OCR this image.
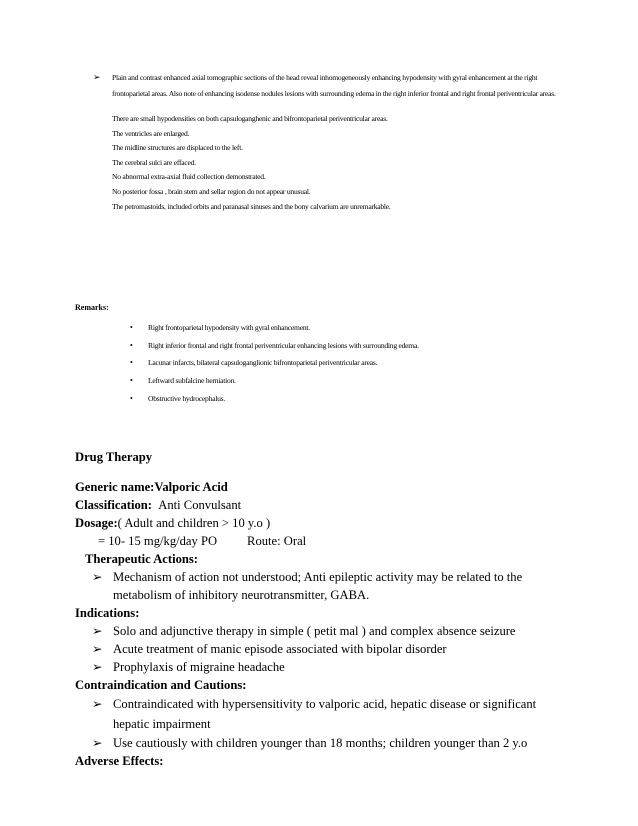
➢ Plain and contrast enhanced axial tomographic sections of the head reveal inhomogeneously enhancing hypodensity with gyral enhancement at the right frontoparietal areas. Also note of enhancing isodense nodules lesions with surrounding edema in the right inferior frontal and right frontal periventricular areas.
There are small hypodensities on both capsuloganghenic and bifrontoparietal periventricular areas.
The ventricles are enlarged.
The midline structures are displaced to the left.
The cerebral sulci are effaced.
No abnormal extra-axial fluid collection demonstrated.
No posterior fossa , brain stem and sellar region do not appear unusual.
The petromastoids, included orbits and paranasal sinuses and the bony calvarium are unremarkable.
Remarks:
• Right frontoparietal hypodensity with gyral enhancement.
• Right inferior frontal and right frontal periventricular enhancing lesions with surrounding edema.
• Lacunar infarcts, bilateral capsuloganglionic bifrontoparietal periventricular areas.
• Leftward subfalcine herniation.
• Obstructive hydrocephalus.
Drug Therapy
Generic name:Valporic Acid
Classification: Anti Convulsant
Dosage:( Adult and children > 10 y.o )
= 10- 15 mg/kg/day PO Route: Oral
Therapeutic Actions:
➢ Mechanism of action not understood; Anti epileptic activity may be related to the metabolism of inhibitory neurotransmitter, GABA.
Indications:
➢ Solo and adjunctive therapy in simple ( petit mal ) and complex absence seizure
➢ Acute treatment of manic episode associated with bipolar disorder
➢ Prophylaxis of migraine headache
Contraindication and Cautions:
➢ Contraindicated with hypersensitivity to valporic acid, hepatic disease or significant hepatic impairment
➢ Use cautiously with children younger than 18 months; children younger than 2 y.o
Adverse Effects:
